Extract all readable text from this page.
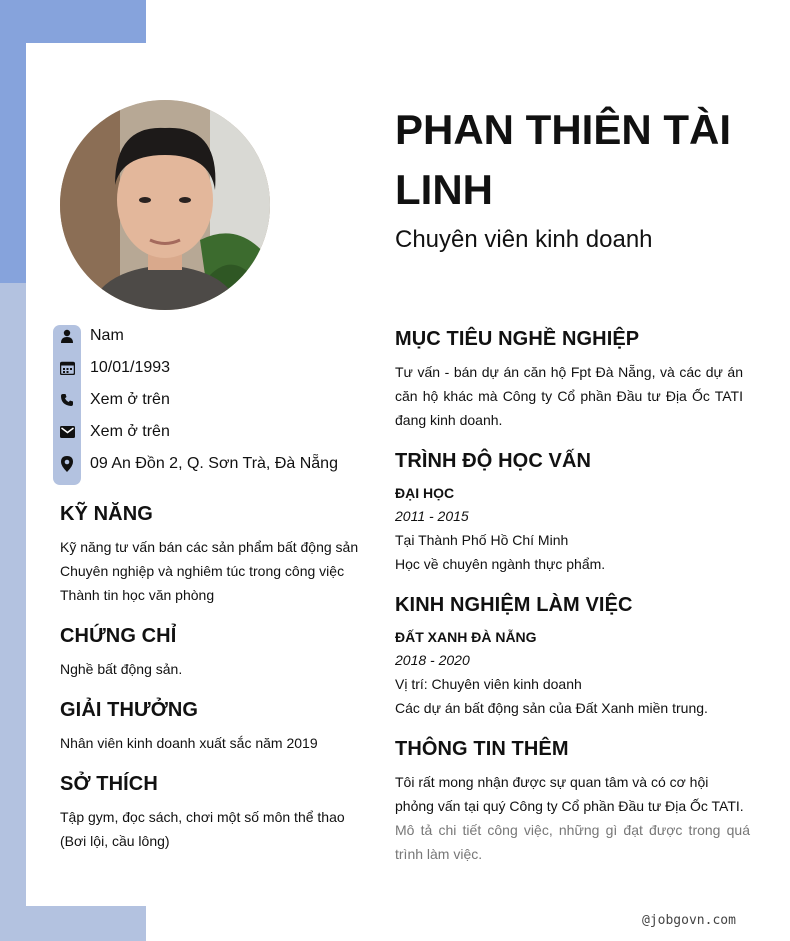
PHAN THIÊN TÀI LINH
Chuyên viên kinh doanh
Nam
10/01/1993
Xem ở trên
Xem ở trên
09 An Đồn 2, Q. Sơn Trà, Đà Nẵng
KỸ NĂNG
Kỹ năng tư vấn bán các sản phẩm bất động sản
Chuyên nghiệp và nghiêm túc trong công việc
Thành tin học văn phòng
CHỨNG CHỈ
Nghề bất động sản.
GIẢI THƯỞNG
Nhân viên kinh doanh xuất sắc năm 2019
SỞ THÍCH
Tập gym, đọc sách, chơi một số môn thể thao
(Bơi lội, cầu lông)
MỤC TIÊU NGHỀ NGHIỆP
Tư vấn - bán dự án căn hộ Fpt Đà Nẵng, và các dự án căn hộ khác mà Công ty Cổ phần Đầu tư Địa Ốc TATI đang kinh doanh.
TRÌNH ĐỘ HỌC VẤN
ĐẠI HỌC
2011 - 2015
Tại Thành Phố Hồ Chí Minh
Học về chuyên ngành thực phẩm.
KINH NGHIỆM LÀM VIỆC
ĐẤT XANH ĐÀ NẴNG
2018 - 2020
Vị trí: Chuyên viên kinh doanh
Các dự án bất động sản của Đất Xanh miền trung.
THÔNG TIN THÊM
Tôi rất mong nhận được sự quan tâm và có cơ hội phỏng vấn tại quý Công ty Cổ phần Đầu tư Địa Ốc TATI.
Mô tả chi tiết công việc, những gì đạt được trong quá trình làm việc.
@jobgovn.com
